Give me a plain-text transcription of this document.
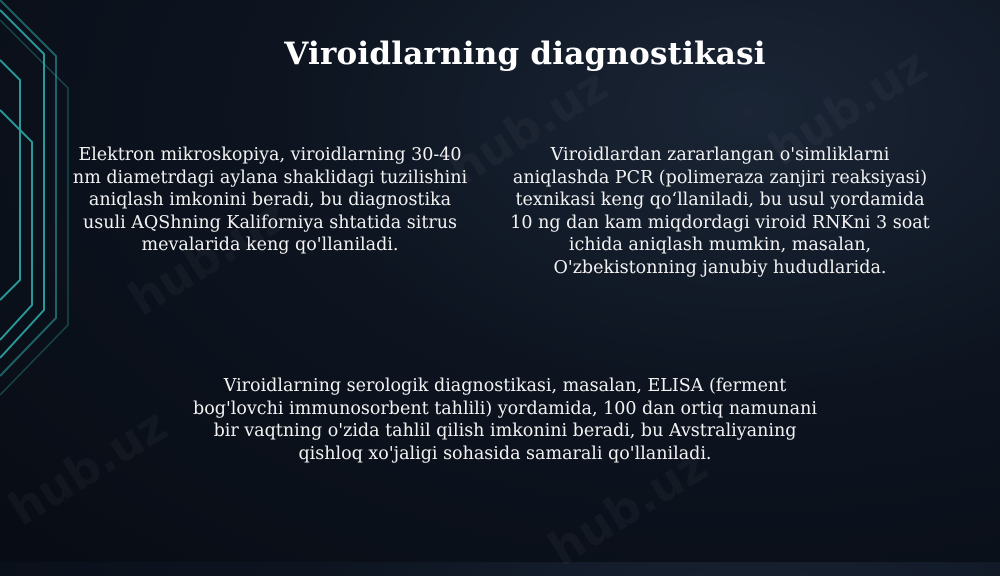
Viroidlarning diagnostikasi
Elektron mikroskopiya, viroidlarning 30-40
nm diametrdagi aylana shaklidagi tuzilishini
aniqlash imkonini beradi, bu diagnostika
usuli AQShning Kaliforniya shtatida sitrus
mevalarida keng qo'llaniladi.
Viroidlardan zararlangan o'simliklarni
aniqlashda PCR (polimeraza zanjiri reaksiyasi)
texnikasi keng qo‘llaniladi, bu usul yordamida
10 ng dan kam miqdordagi viroid RNKni 3 soat
ichida aniqlash mumkin, masalan,
O'zbekistonning janubiy hududlarida.
Viroidlarning serologik diagnostikasi, masalan, ELISA (ferment
bog'lovchi immunosorbent tahlili) yordamida, 100 dan ortiq namunani
bir vaqtning o'zida tahlil qilish imkonini beradi, bu Avstraliyaning
qishloq xo'jaligi sohasida samarali qo'llaniladi.
